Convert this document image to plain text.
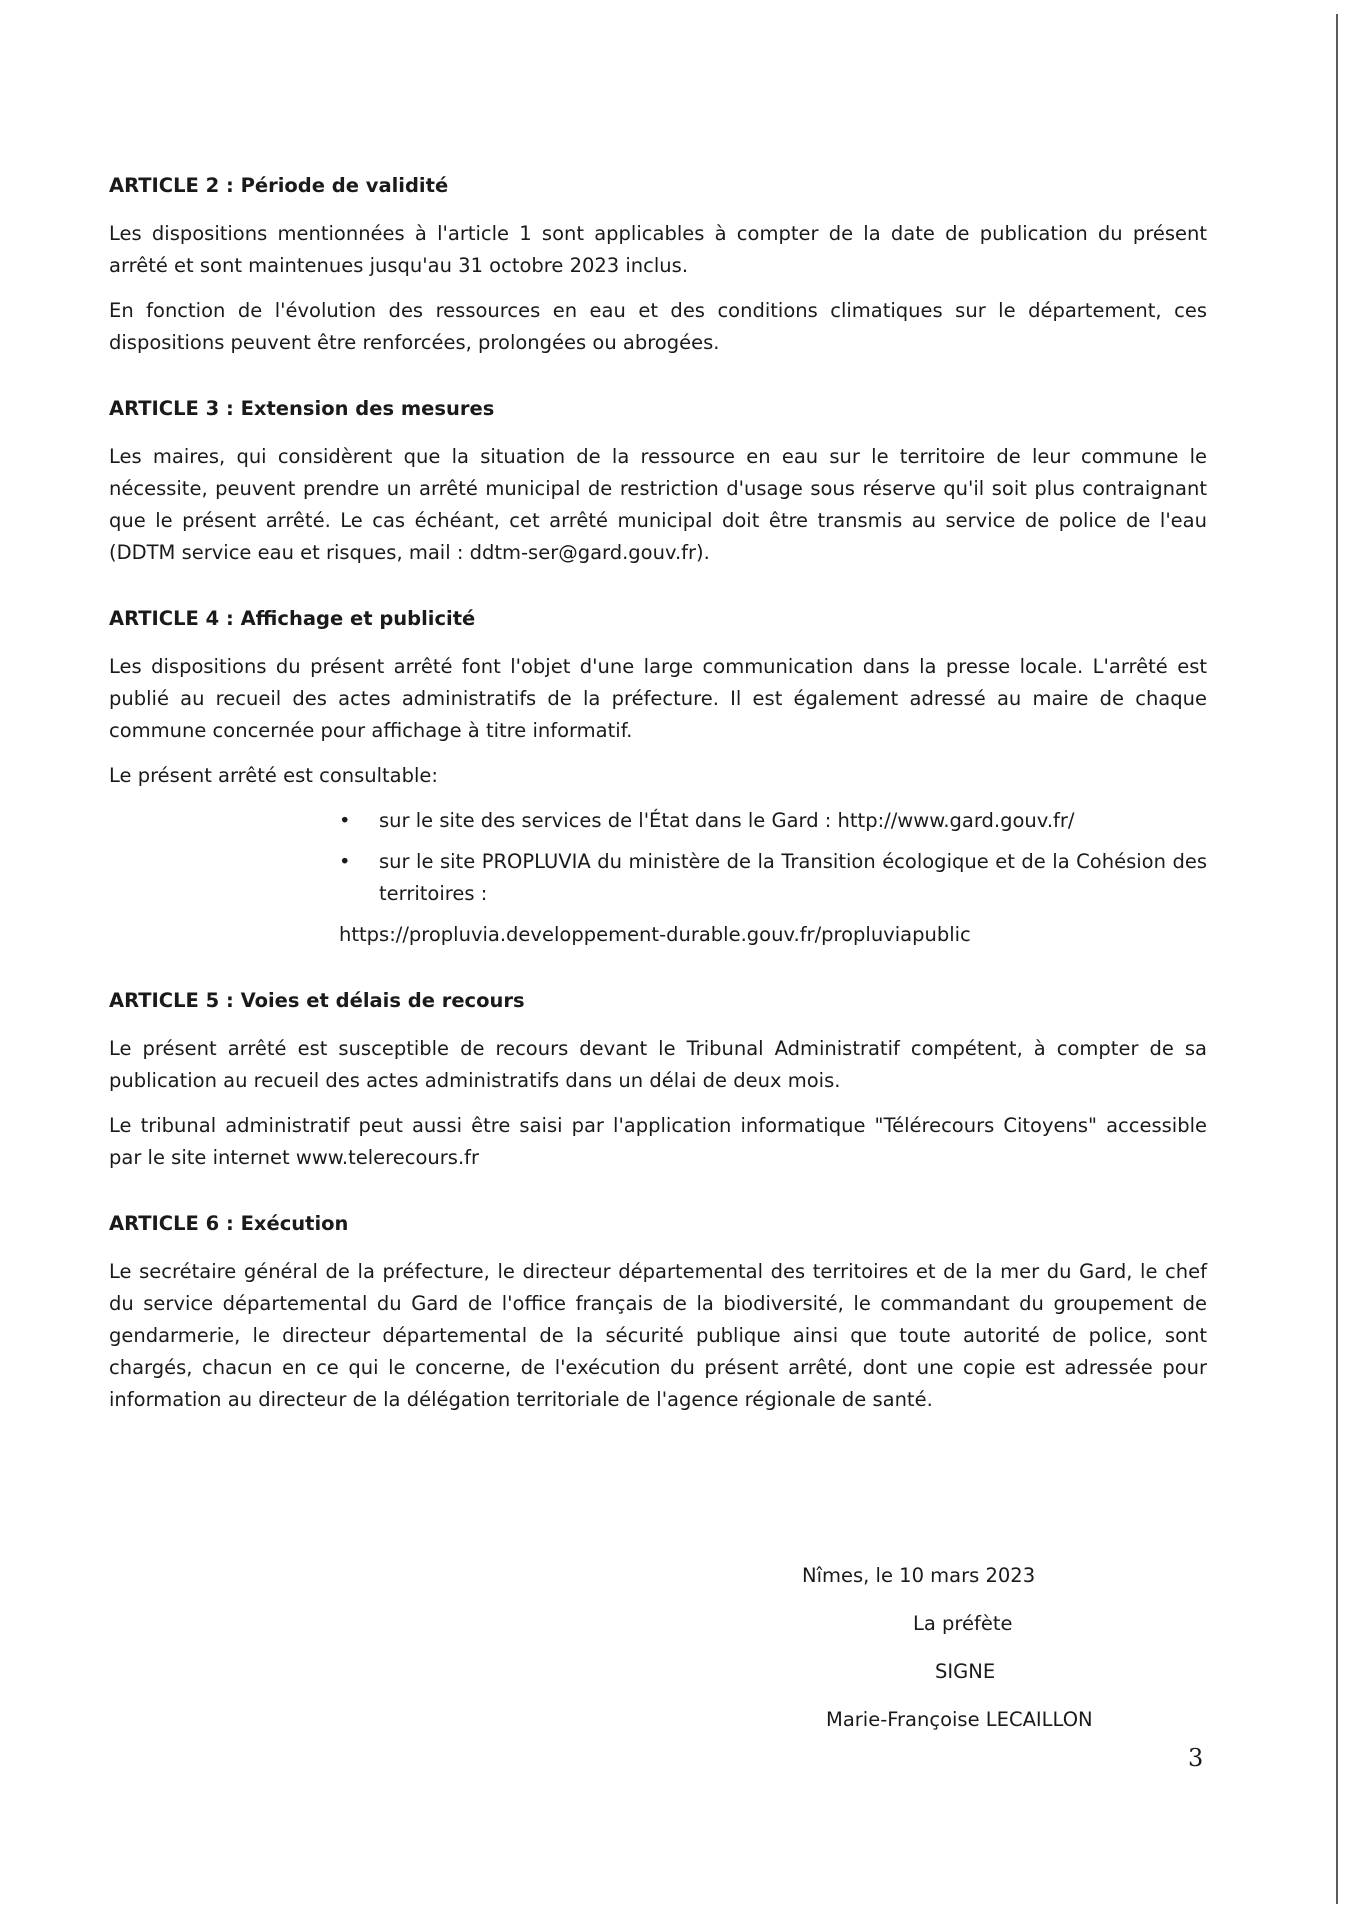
ARTICLE 2 : Période de validité

Les dispositions mentionnées à l'article 1 sont applicables à compter de la date de publication du présent arrêté et sont maintenues jusqu'au 31 octobre 2023 inclus.

En fonction de l'évolution des ressources en eau et des conditions climatiques sur le département, ces dispositions peuvent être renforcées, prolongées ou abrogées.

ARTICLE 3 : Extension des mesures

Les maires, qui considèrent que la situation de la ressource en eau sur le territoire de leur commune le nécessite, peuvent prendre un arrêté municipal de restriction d'usage sous réserve qu'il soit plus contraignant que le présent arrêté. Le cas échéant, cet arrêté municipal doit être transmis au service de police de l'eau (DDTM service eau et risques, mail : ddtm-ser@gard.gouv.fr).

ARTICLE 4 : Affichage et publicité

Les dispositions du présent arrêté font l'objet d'une large communication dans la presse locale. L'arrêté est publié au recueil des actes administratifs de la préfecture. Il est également adressé au maire de chaque commune concernée pour affichage à titre informatif.

Le présent arrêté est consultable:

•	sur le site des services de l'État dans le Gard : http://www.gard.gouv.fr/
•	sur le site PROPLUVIA du ministère de la Transition écologique et de la Cohésion des territoires :

https://propluvia.developpement-durable.gouv.fr/propluviapublic

ARTICLE 5 : Voies et délais de recours

Le présent arrêté est susceptible de recours devant le Tribunal Administratif compétent, à compter de sa publication au recueil des actes administratifs dans un délai de deux mois.

Le tribunal administratif peut aussi être saisi par l'application informatique "Télérecours Citoyens" accessible par le site internet www.telerecours.fr

ARTICLE 6 : Exécution

Le secrétaire général de la préfecture, le directeur départemental des territoires et de la mer du Gard, le chef du service départemental du Gard de l'office français de la biodiversité, le commandant du groupement de gendarmerie, le directeur départemental de la sécurité publique ainsi que toute autorité de police, sont chargés, chacun en ce qui le concerne, de l'exécution du présent arrêté, dont une copie est adressée pour information au directeur de la délégation territoriale de l'agence régionale de santé.

Nîmes, le 10 mars 2023
La préfète
SIGNE
Marie-Françoise LECAILLON
3
